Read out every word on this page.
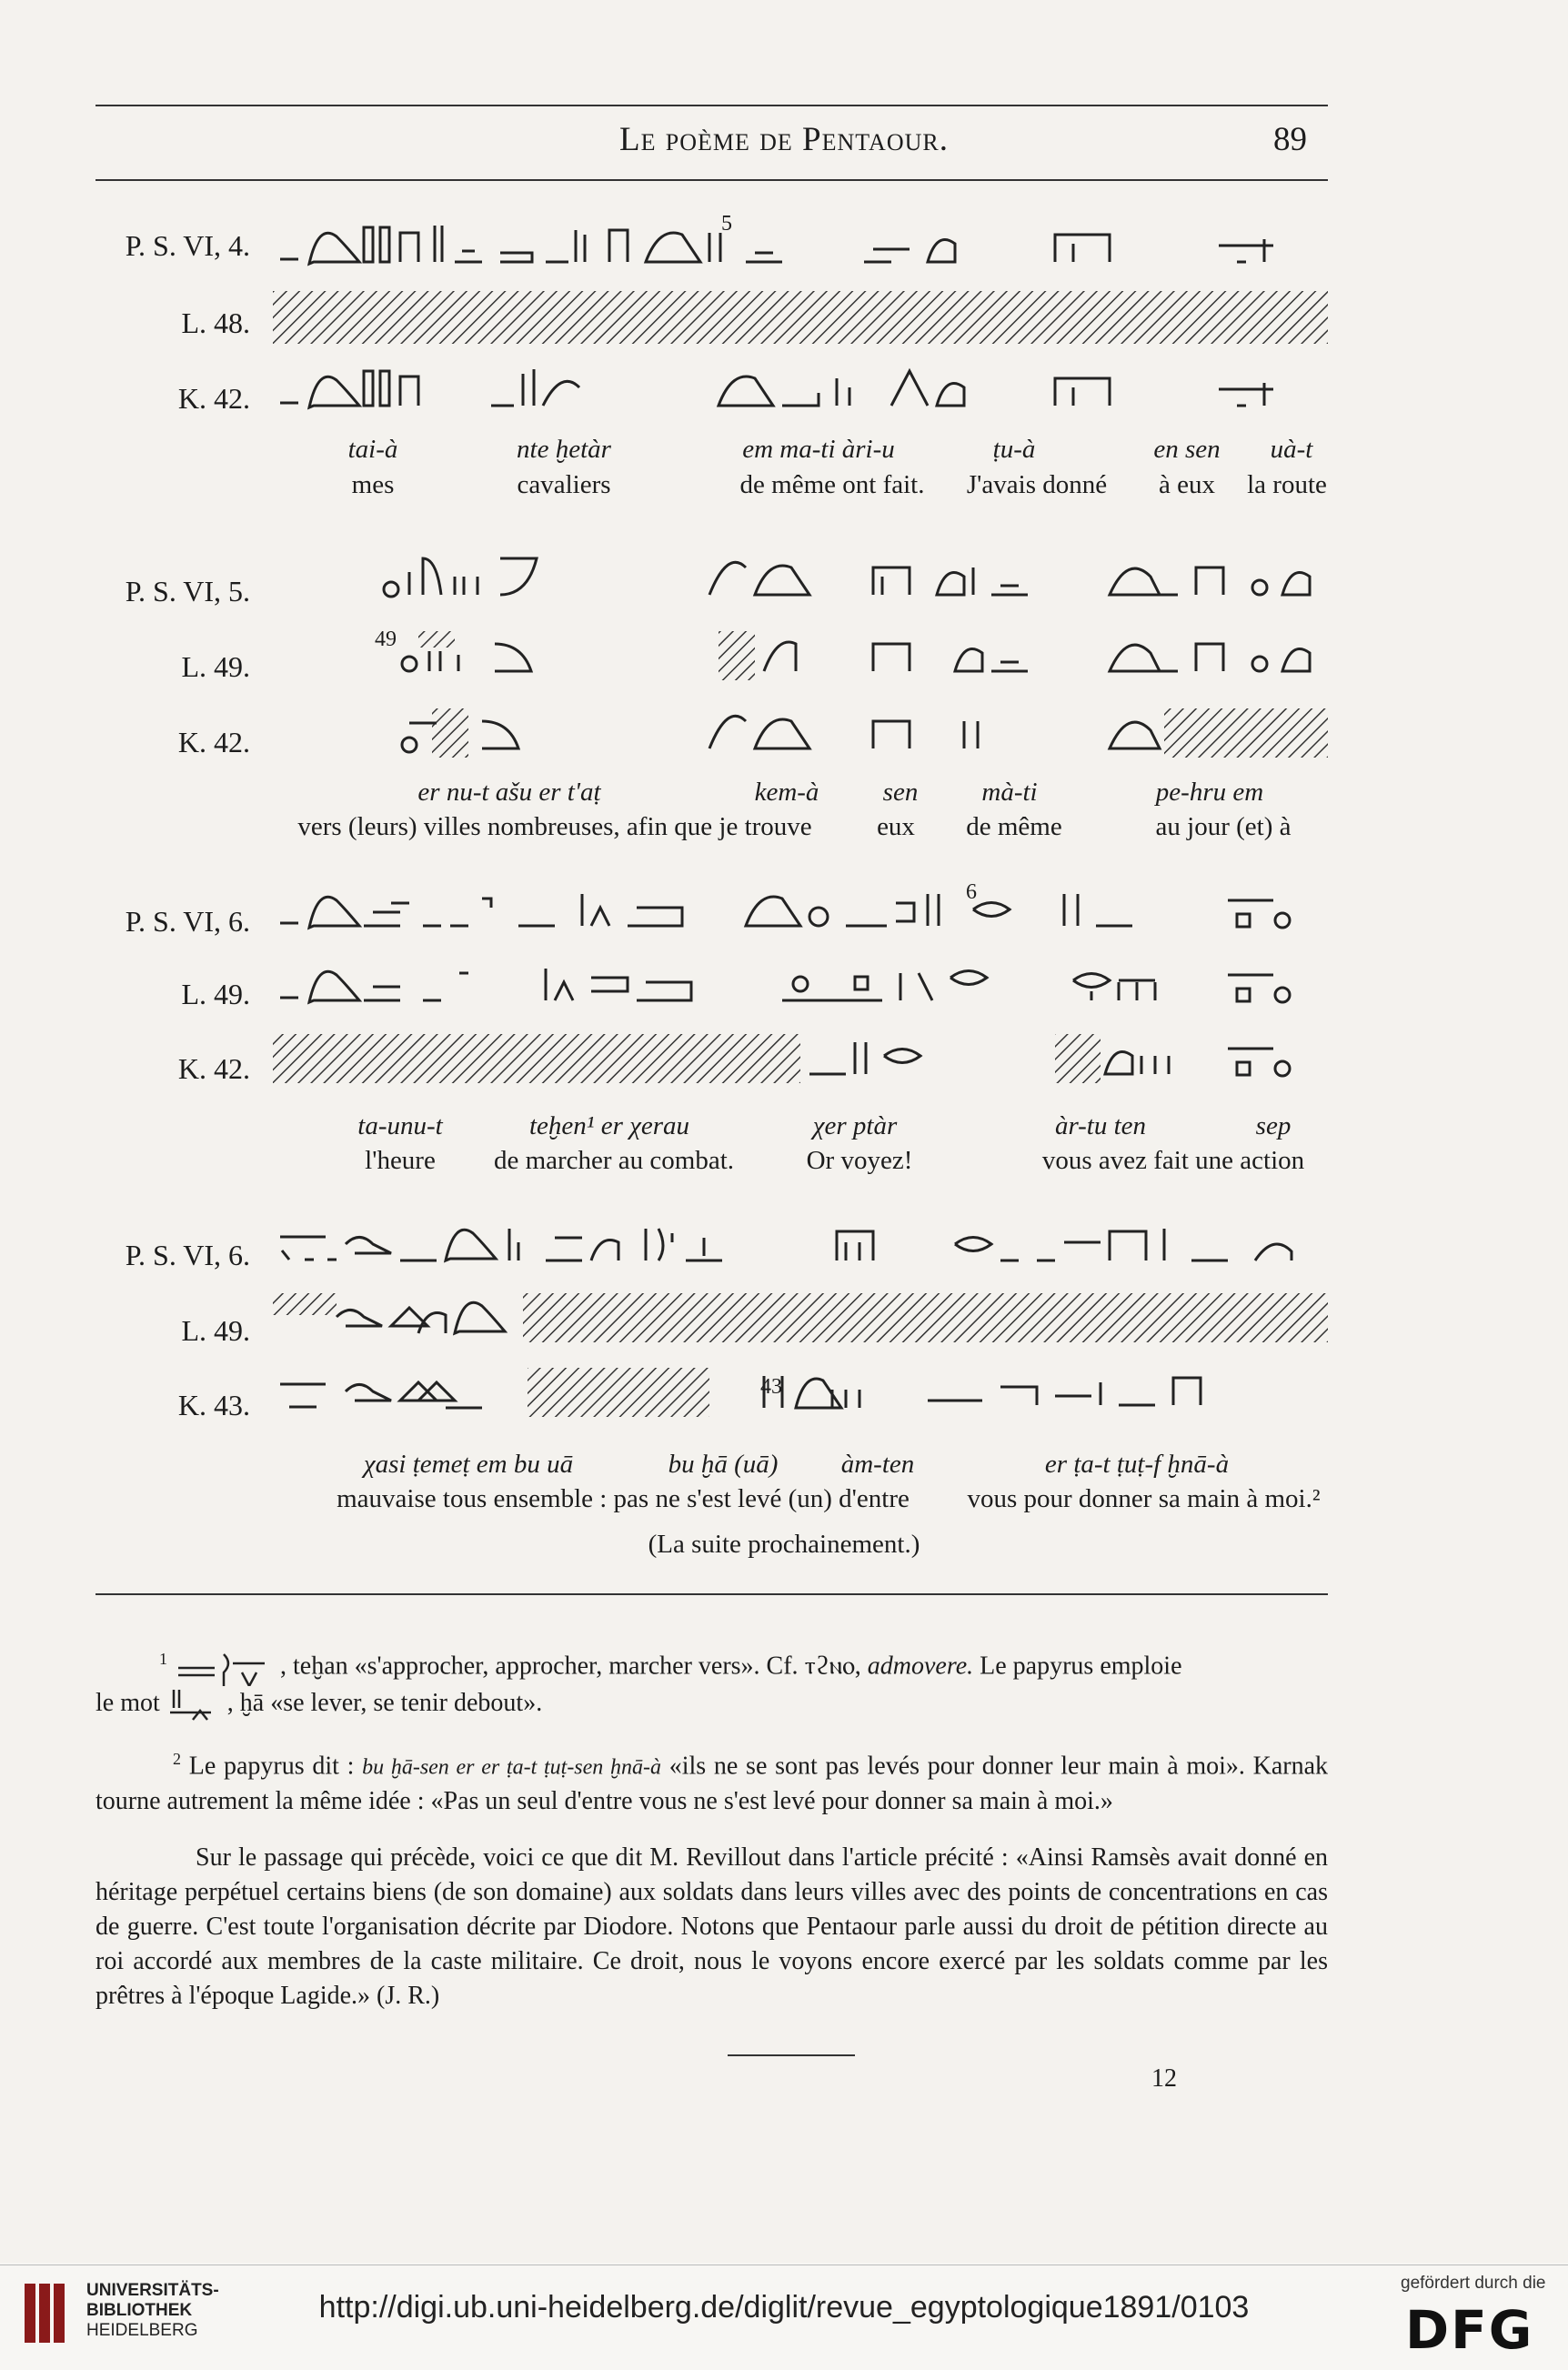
Le poème de Pentaour.	89
P. S. VI, 4.
L. 48.
K. 42.
5
tai-à	nte ḫetàr	em ma-ti àri-u	ṭu-à	en sen	uà-t
mes	cavaliers	de même ont fait.	J'avais donné	à eux	la route
P. S. VI, 5.
L. 49.
K. 42.
49
er nu-t ašu er t'aṭ	kem-à	sen	mà-ti	pe-hru em
vers (leurs) villes nombreuses, afin que je trouve	eux	de même	au jour (et) à
P. S. VI, 6.
L. 49.
K. 42.
6
ta-unu-t	teḫen¹ er χerau	χer ptàr	àr-tu ten	sep
l'heure	de marcher au combat.	Or voyez!	vous avez fait une action
P. S. VI, 6.
L. 49.
K. 43.
43
χasi ṭemeṭ em bu uā	bu ḫā (uā)	àm-ten	er ṭa-t ṭuṭ-f ḫnā-à
mauvaise tous ensemble : pas ne s'est levé (un) d'entre	vous pour donner sa main à moi.²
(La suite prochainement.)
$^1$	, teḫan «s'approcher, approcher, marcher vers». Cf. ⲧϩⲛⲟ, admovere. Le papyrus emploie
le mot	, ḫā «se lever, se tenir debout».
$^2$ Le papyrus dit : bu ḫā-sen er er ṭa-t ṭuṭ-sen ḫnā-à «ils ne se sont pas levés pour donner leur main à moi». Karnak tourne autrement la même idée : «Pas un seul d'entre vous ne s'est levé pour donner sa main à moi.»
Sur le passage qui précède, voici ce que dit M. Revillout dans l'article précité : «Ainsi Ramsès avait donné en héritage perpétuel certains biens (de son domaine) aux soldats dans leurs villes avec des points de concentrations en cas de guerre. C'est toute l'organisation décrite par Diodore. Notons que Pentaour parle aussi du droit de pétition directe au roi accordé aux membres de la caste militaire. Ce droit, nous le voyons encore exercé par les soldats comme par les prêtres à l'époque Lagide.» (J. R.)
12
UNIVERSITÄTS-
BIBLIOTHEK
HEIDELBERG
http://digi.ub.uni-heidelberg.de/diglit/revue_egyptologique1891/0103
gefördert durch die
DFG
